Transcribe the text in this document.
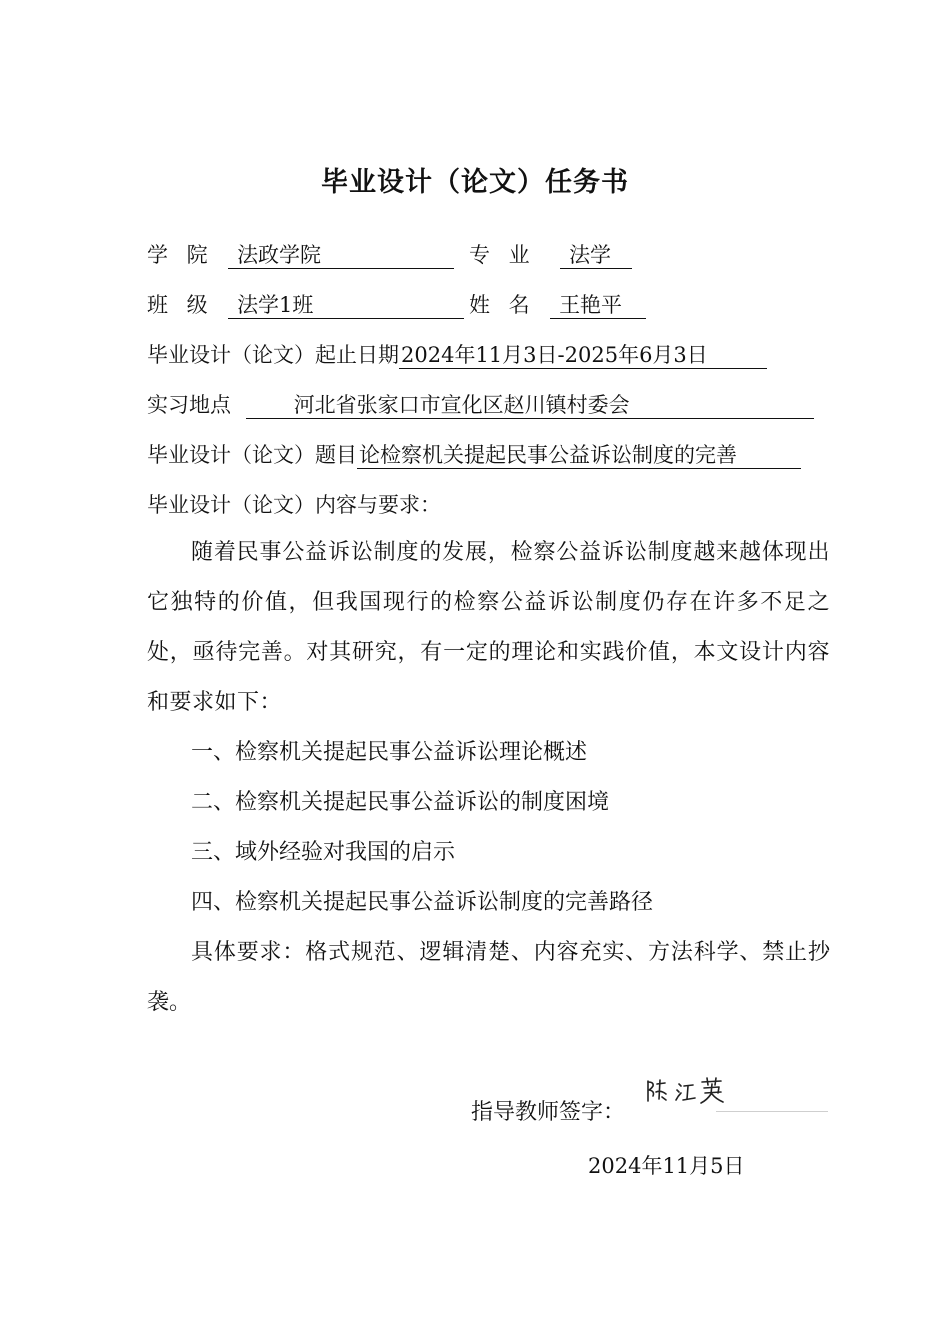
毕业设计（论文）任务书
学 院 法政学院	专 业 法学
班 级 法学1班	姓 名 王艳平
毕业设计（论文）起止日期2024年11月3日-2025年6月3日
实习地点	河北省张家口市宣化区赵川镇村委会
毕业设计（论文）题目论检察机关提起民事公益诉讼制度的完善
毕业设计（论文）内容与要求：
随着民事公益诉讼制度的发展，检察公益诉讼制度越来越体现出它独特的价值，但我国现行的检察公益诉讼制度仍存在许多不足之处，亟待完善。对其研究，有一定的理论和实践价值，本文设计内容和要求如下：
一、检察机关提起民事公益诉讼理论概述
二、检察机关提起民事公益诉讼的制度困境
三、域外经验对我国的启示
四、检察机关提起民事公益诉讼制度的完善路径
具体要求：格式规范、逻辑清楚、内容充实、方法科学、禁止抄袭。
指导教师签字：
2024年11月5日
